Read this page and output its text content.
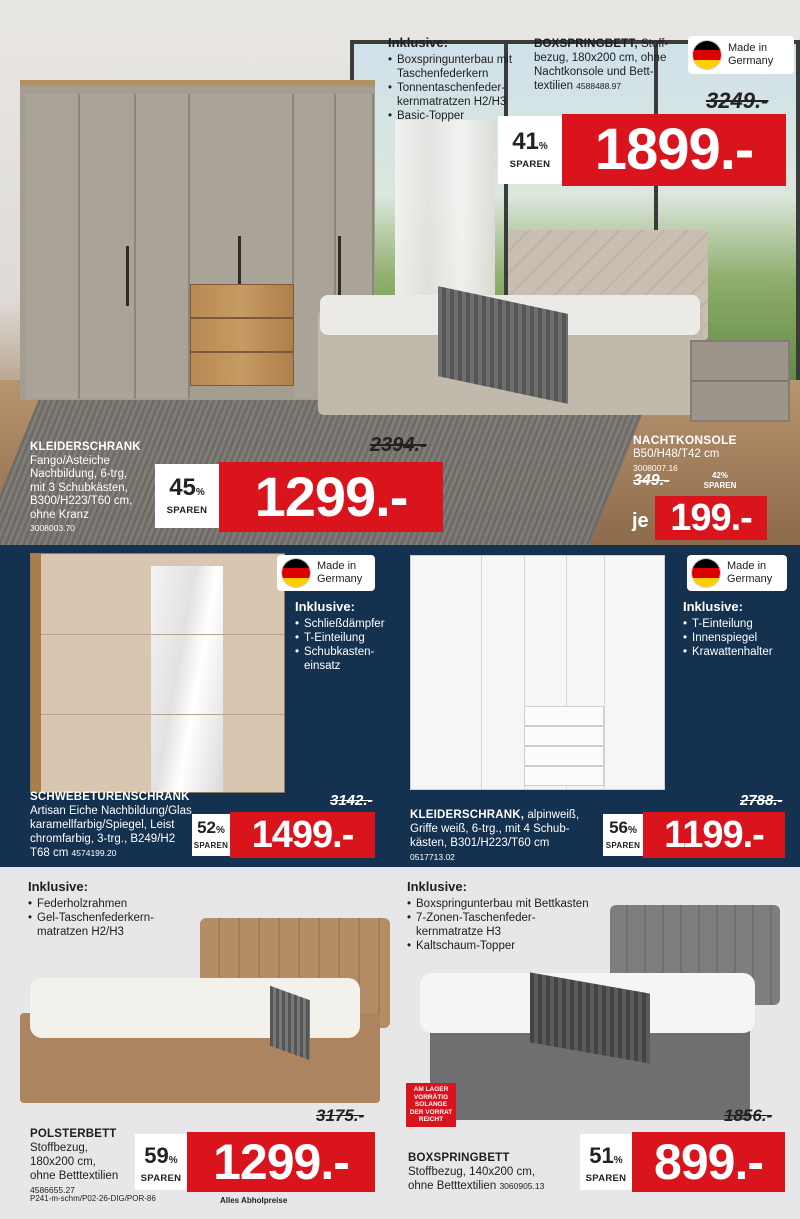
Inklusive:
• Boxspringunterbau mit Taschenfederkern
• Tonnentaschenfeder-kernmatratzen H2/H3
• Basic-Topper
BOXSPRINGBETT, Stoff-bezug, 180x200 cm, ohne Nachtkonsole und Bett-textilien 4588488.97
Made in
Germany
3249.-
41%
SPAREN 1899.-
KLEIDERSCHRANK
Fango/Asteiche
Nachbildung, 6-trg,
mit 3 Schubkästen,
B300/H223/T60 cm,
ohne Kranz
3008003.70
2394.-
45%
SPAREN 1299.-
NACHTKONSOLE
B50/H48/T42 cm
3008007.16
349.-	42%
SPAREN
je 199.-
Made in
Germany
Inklusive:
• Schließdämpfer
• T-Einteilung
• Schubkasten-einsatz
SCHWEBETÜRENSCHRANK
Artisan Eiche Nachbildung/Glas
karamellfarbig/Spiegel, Leist
chromfarbig, 3-trg., B249/H2
T68 cm 4574199.20
3142.-
52%
SPAREN 1499.-
Made in
Germany
Inklusive:
• T-Einteilung
• Innenspiegel
• Krawattenhalter
KLEIDERSCHRANK, alpinweiß,
Griffe weiß, 6-trg., mit 4 Schub-
kästen, B301/H223/T60 cm
0517713.02
2788.-
56%
SPAREN 1199.-
Inklusive:
• Federholzrahmen
• Gel-Taschenfederkern-matratzen H2/H3
POLSTERBETT
Stoffbezug,
180x200 cm,
ohne Betttextilien
4586655.27
3175.-
59%
SPAREN 1299.-
P241-m-schm/P02-26-DIG/POR-86	Alles Abholpreise
Inklusive:
• Boxspringunterbau mit Bettkasten
• 7-Zonen-Taschenfeder-kernmatratze H3
• Kaltschaum-Topper
AM LAGER
VORRÄTIG
SOLANGE
DER VORRAT
REICHT
BOXSPRINGBETT
Stoffbezug, 140x200 cm,
ohne Betttextilien 3060905.13
1856.-
51%
SPAREN 899.-
